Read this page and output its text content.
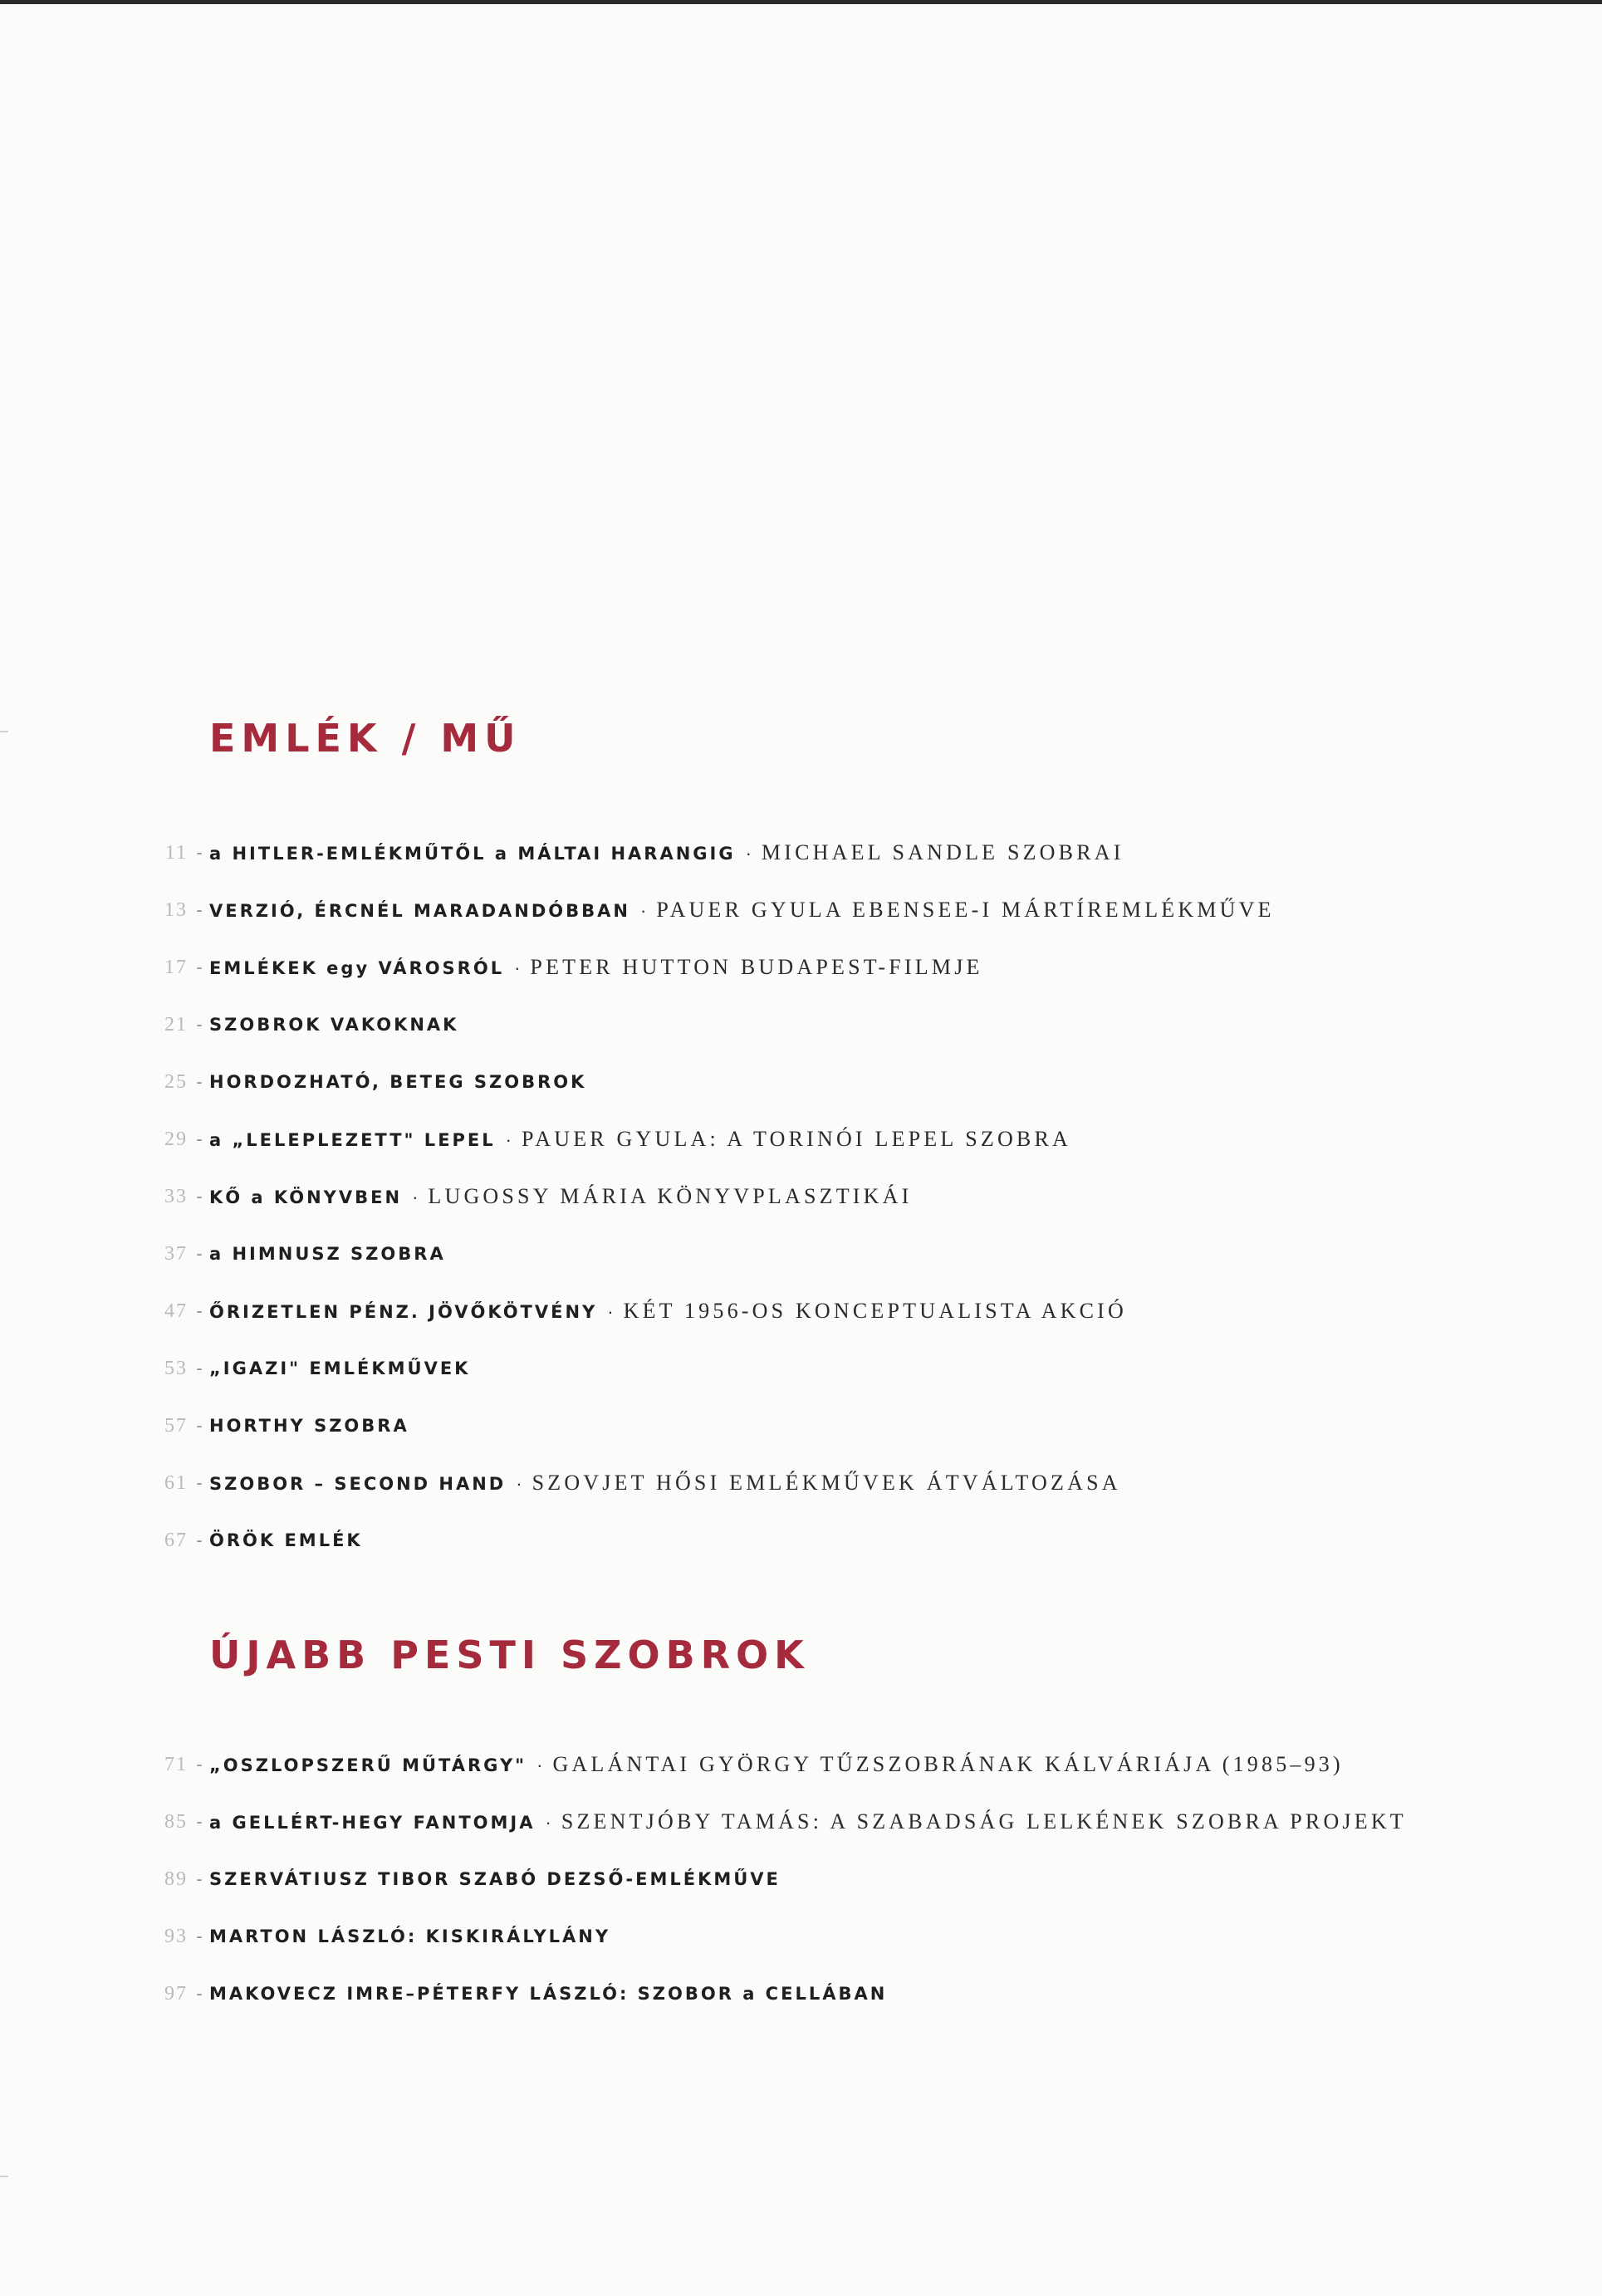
EMLÉK / MŰ
11 - a HITLER-EMLÉKMŰTŐL a MÁLTAI HARANGIG · MICHAEL SANDLE SZOBRAI
13 - VERZIÓ, ÉRCNÉL MARADANDÓBBAN · PAUER GYULA EBENSEE-I MÁRTÍREMLÉKMŰVE
17 - EMLÉKEK egy VÁROSRÓL · PETER HUTTON BUDAPEST-FILMJE
21 - SZOBROK VAKOKNAK
25 - HORDOZHATÓ, BETEG SZOBROK
29 - a „LELEPLEZETT" LEPEL · PAUER GYULA: A TORINÓI LEPEL SZOBRA
33 - KŐ a KÖNYVBEN · LUGOSSY MÁRIA KÖNYVPLASZTIKÁI
37 - a HIMNUSZ SZOBRA
47 - ŐRIZETLEN PÉNZ. JÖVŐKÖTVÉNY · KÉT 1956-OS KONCEPTUALISTA AKCIÓ
53 - „IGAZI" EMLÉKMŰVEK
57 - HORTHY SZOBRA
61 - SZOBOR – SECOND HAND · SZOVJET HŐSI EMLÉKMŰVEK ÁTVÁLTOZÁSA
67 - ÖRÖK EMLÉK
ÚJABB PESTI SZOBROK
71 - „OSZLOPSZERŰ MŰTÁRGY" · GALÁNTAI GYÖRGY TŰZSZOBRÁNAK KÁLVÁRIÁJA (1985–93)
85 - a GELLÉRT-HEGY FANTOMJA · SZENTJÓBY TAMÁS: A SZABADSÁG LELKÉNEK SZOBRA PROJEKT
89 - SZERVÁTIUSZ TIBOR SZABÓ DEZSŐ-EMLÉKMŰVE
93 - MARTON LÁSZLÓ: KISKIRÁLYLÁNY
97 - MAKOVECZ IMRE–PÉTERFY LÁSZLÓ: SZOBOR a CELLÁBAN
